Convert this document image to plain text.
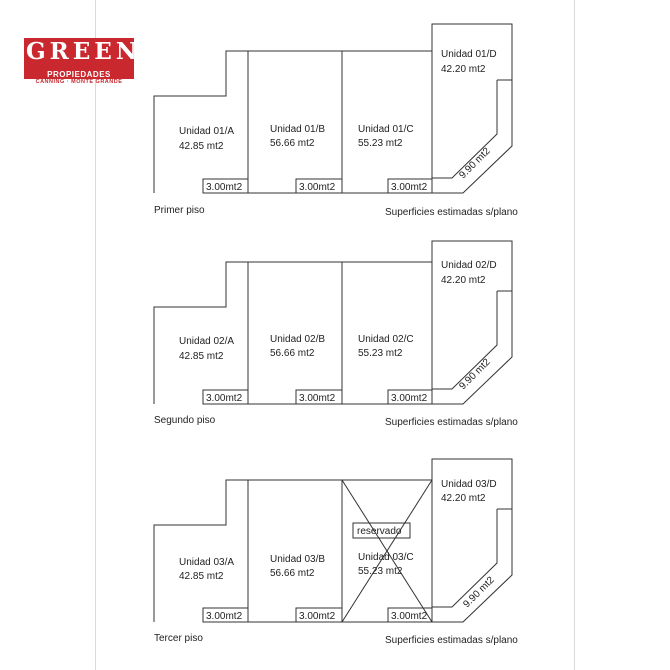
GREEN
PROPIEDADES
CANNING · MONTE GRANDE
Unidad 01/A
42.85 mt2
Unidad 01/B
56.66 mt2
Unidad 01/C
55.23 mt2
Unidad 01/D
42.20 mt2
3.00mt2	3.00mt2	3.00mt2
9.90 mt2
Primer piso	Superficies estimadas s/plano
Unidad 02/A
42.85 mt2
Unidad 02/B
56.66 mt2
Unidad 02/C
55.23 mt2
Unidad 02/D
42.20 mt2
3.00mt2	3.00mt2	3.00mt2
9.90 mt2
Segundo piso	Superficies estimadas s/plano
Unidad 03/A
42.85 mt2
Unidad 03/B
56.66 mt2
Unidad 03/C
55.23 mt2
reservado
Unidad 03/D
42.20 mt2
3.00mt2	3.00mt2	3.00mt2
9.90 mt2
Tercer piso	Superficies estimadas s/plano
